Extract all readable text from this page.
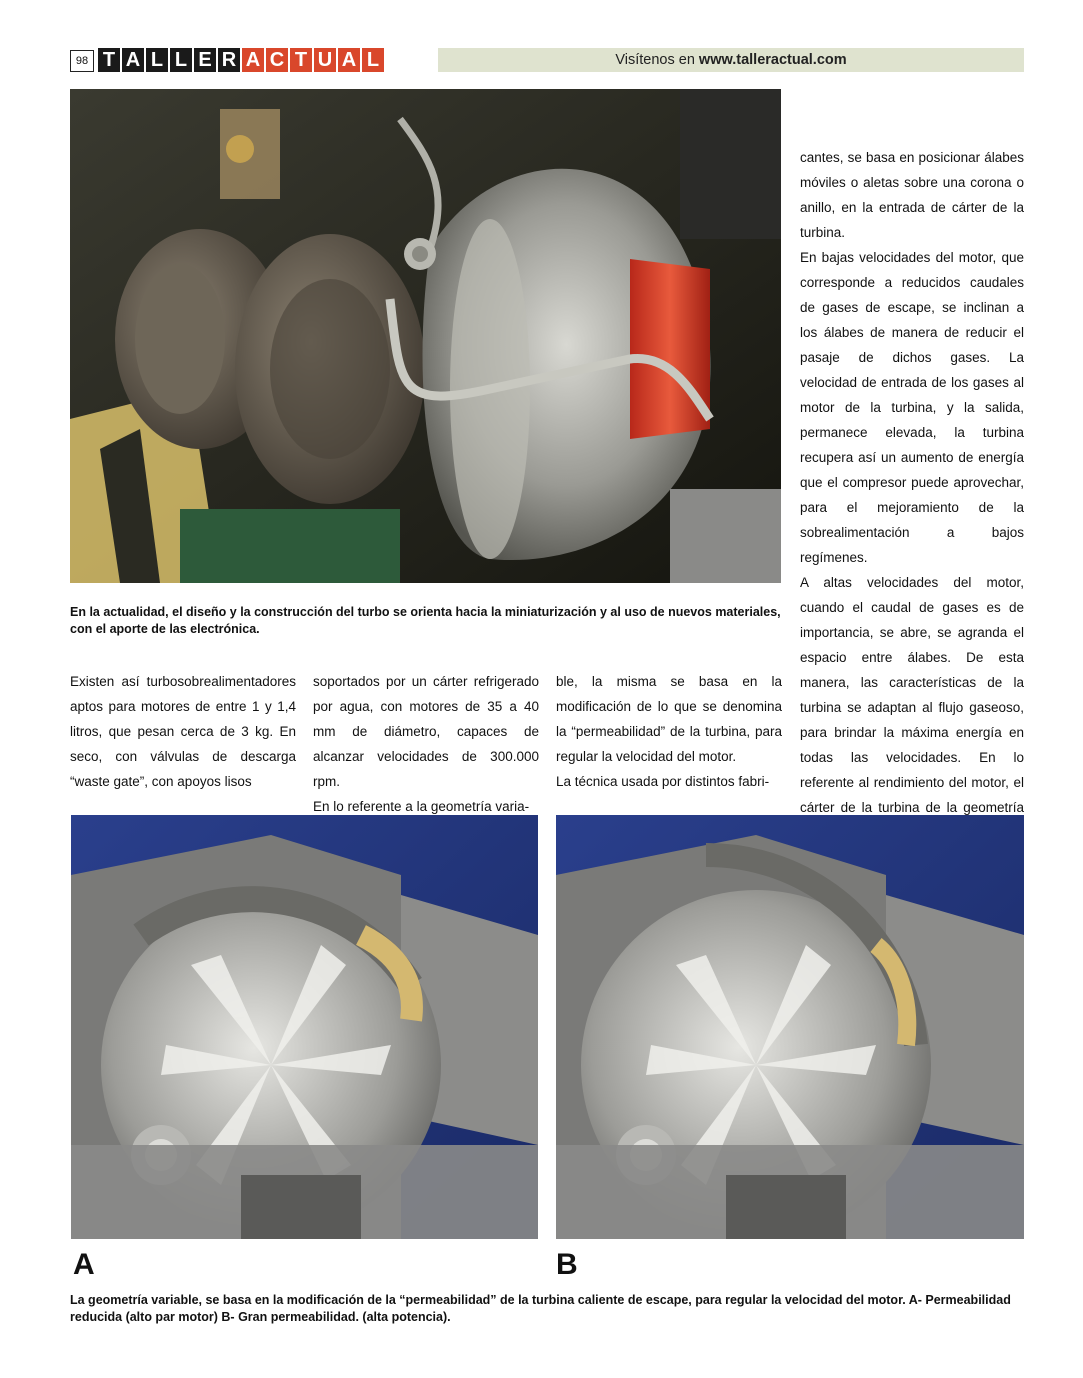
98 T A L L E R A C T U A L	Visítenos en www.talleractual.com
En la actualidad, el diseño y la construcción del turbo se orienta hacia la miniaturización y al uso de nuevos materiales, con el aporte de las electrónica.

Existen así turbosobrealimentadores aptos para motores de entre 1 y 1,4 litros, que pesan cerca de 3 kg. En seco, con válvulas de descarga “waste gate”, con apoyos lisos

soportados por un cárter refrigerado por agua, con motores de 35 a 40 mm de diámetro, capaces de alcanzar velocidades de 300.000 rpm.

En lo referente a la geometría varia-

ble, la misma se basa en la modificación de lo que se denomina la “permeabilidad” de la turbina, para regular la velocidad del motor.

La técnica usada por distintos fabri-

cantes, se basa en posicionar álabes móviles o aletas sobre una corona o anillo, en la entrada de cárter de la turbina.

En bajas velocidades del motor, que corresponde a reducidos caudales de gases de escape, se inclinan a los álabes de manera de reducir el pasaje de dichos gases. La velocidad de entrada de los gases al motor de la turbina, y la salida, permanece elevada, la turbina recupera así un aumento de energía que el compresor puede aprovechar, para el mejoramiento de la sobrealimentación a bajos regímenes.

A altas velocidades del motor, cuando el caudal de gases es de importancia, se abre, se agranda el espacio entre álabes. De esta manera, las características de la turbina se adaptan al flujo gaseoso, para brindar la máxima energía en todas las velocidades. En lo referente al rendimiento del motor, el cárter de la turbina de la geometría

A	B
La geometría variable, se basa en la modificación de la “permeabilidad” de la turbina caliente de escape, para regular la velocidad del motor. A- Permeabilidad reducida (alto par motor) B- Gran permeabilidad. (alta potencia).
